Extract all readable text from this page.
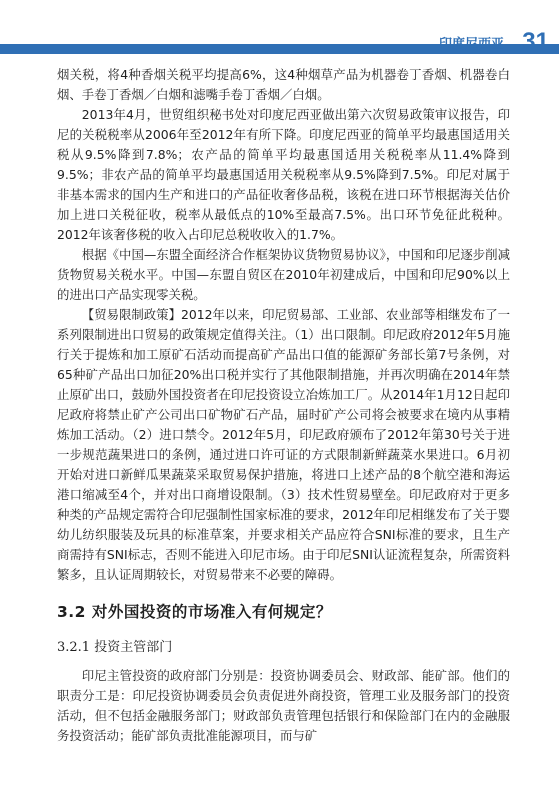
印度尼西亚 31

烟关税，将4种香烟关税平均提高6%，这4种烟草产品为机器卷丁香烟、机器卷白烟、手卷丁香烟／白烟和滤嘴手卷丁香烟／白烟。

2013年4月，世贸组织秘书处对印度尼西亚做出第六次贸易政策审议报告，印尼的关税税率从2006年至2012年有所下降。印度尼西亚的简单平均最惠国适用关税从9.5%降到7.8%；农产品的简单平均最惠国适用关税税率从11.4%降到9.5%；非农产品的简单平均最惠国适用关税税率从9.5%降到7.5%。印尼对属于非基本需求的国内生产和进口的产品征收奢侈品税，该税在进口环节根据海关估价加上进口关税征收，税率从最低点的10%至最高7.5%。出口环节免征此税种。2012年该奢侈税的收入占印尼总税收收入的1.7%。

根据《中国—东盟全面经济合作框架协议货物贸易协议》，中国和印尼逐步削减货物贸易关税水平。中国—东盟自贸区在2010年初建成后，中国和印尼90%以上的进出口产品实现零关税。

【贸易限制政策】2012年以来，印尼贸易部、工业部、农业部等相继发布了一系列限制进出口贸易的政策规定值得关注。（1）出口限制。印尼政府2012年5月施行关于提炼和加工原矿石活动而提高矿产品出口值的能源矿务部长第7号条例，对65种矿产品出口加征20%出口税并实行了其他限制措施，并再次明确在2014年禁止原矿出口，鼓励外国投资者在印尼投资设立冶炼加工厂。从2014年1月12日起印尼政府将禁止矿产公司出口矿物矿石产品，届时矿产公司将会被要求在境内从事精炼加工活动。（2）进口禁令。2012年5月，印尼政府颁布了2012年第30号关于进一步规范蔬果进口的条例，通过进口许可证的方式限制新鲜蔬菜水果进口。6月初开始对进口新鲜瓜果蔬菜采取贸易保护措施，将进口上述产品的8个航空港和海运港口缩减至4个，并对出口商增设限制。（3）技术性贸易壁垒。印尼政府对于更多种类的产品规定需符合印尼强制性国家标准的要求，2012年印尼相继发布了关于婴幼儿纺织服装及玩具的标准草案，并要求相关产品应符合SNI标准的要求，且生产商需持有SNI标志，否则不能进入印尼市场。由于印尼SNI认证流程复杂，所需资料繁多，且认证周期较长，对贸易带来不必要的障碍。

3.2 对外国投资的市场准入有何规定？
3.2.1 投资主管部门

印尼主管投资的政府部门分别是：投资协调委员会、财政部、能矿部。他们的职责分工是：印尼投资协调委员会负责促进外商投资，管理工业及服务部门的投资活动，但不包括金融服务部门；财政部负责管理包括银行和保险部门在内的金融服务投资活动；能矿部负责批准能源项目，而与矿
